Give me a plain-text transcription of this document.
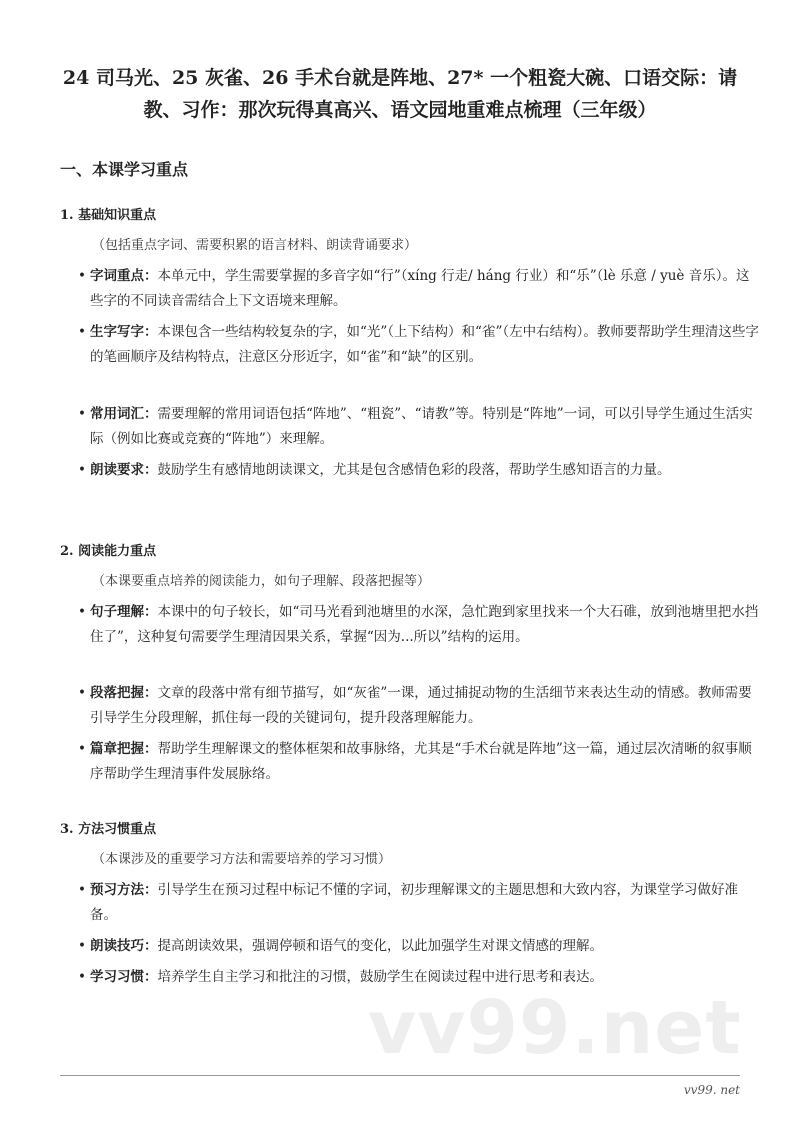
24 司马光、25 灰雀、26 手术台就是阵地、27* 一个粗瓷大碗、口语交际：请教、习作：那次玩得真高兴、语文园地重难点梳理（三年级）
一、本课学习重点
1. 基础知识重点
（包括重点字词、需要积累的语言材料、朗读背诵要求）
• 字词重点：本单元中，学生需要掌握的多音字如“行”（xíng 行走/ háng 行业）和“乐”（lè 乐意 / yuè 音乐）。这些字的不同读音需结合上下文语境来理解。
• 生字写字：本课包含一些结构较复杂的字，如“光”（上下结构）和“雀”（左中右结构）。教师要帮助学生理清这些字的笔画顺序及结构特点，注意区分形近字，如“雀”和“缺”的区别。
• 常用词汇：需要理解的常用词语包括“阵地”、“粗瓷”、“请教”等。特别是“阵地”一词，可以引导学生通过生活实际（例如比赛或竞赛的“阵地”）来理解。
• 朗读要求：鼓励学生有感情地朗读课文，尤其是包含感情色彩的段落，帮助学生感知语言的力量。
2. 阅读能力重点
（本课要重点培养的阅读能力，如句子理解、段落把握等）
• 句子理解：本课中的句子较长，如“司马光看到池塘里的水深，急忙跑到家里找来一个大石碓，放到池塘里把水挡住了”，这种复句需要学生理清因果关系，掌握“因为...所以”结构的运用。
• 段落把握：文章的段落中常有细节描写，如“灰雀”一课，通过捕捉动物的生活细节来表达生动的情感。教师需要引导学生分段理解，抓住每一段的关键词句，提升段落理解能力。
• 篇章把握：帮助学生理解课文的整体框架和故事脉络，尤其是“手术台就是阵地”这一篇，通过层次清晰的叙事顺序帮助学生理清事件发展脉络。
3. 方法习惯重点
（本课涉及的重要学习方法和需要培养的学习习惯）
• 预习方法：引导学生在预习过程中标记不懂的字词，初步理解课文的主题思想和大致内容，为课堂学习做好准备。
• 朗读技巧：提高朗读效果，强调停顿和语气的变化，以此加强学生对课文情感的理解。
• 学习习惯：培养学生自主学习和批注的习惯，鼓励学生在阅读过程中进行思考和表达。
vv99.net
vv99. net
